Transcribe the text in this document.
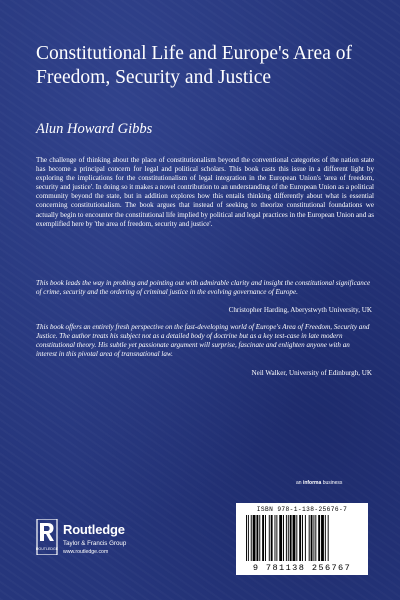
Constitutional Life and Europe's Area of Freedom, Security and Justice
Alun Howard Gibbs

The challenge of thinking about the place of constitutionalism beyond the conventional categories of the nation state has become a principal concern for legal and political scholars. This book casts this issue in a different light by exploring the implications for the constitutionalism of legal integration in the European Union's 'area of freedom, security and justice'. In doing so it makes a novel contribution to an understanding of the European Union as a political community beyond the state, but in addition explores how this entails thinking differently about what is essential concerning constitutionalism. The book argues that instead of seeking to theorize constitutional foundations we actually begin to encounter the constitutional life implied by political and legal practices in the European Union and as exemplified here by 'the area of freedom, security and justice'.

This book leads the way in probing and pointing out with admirable clarity and insight the constitutional significance of crime, security and the ordering of criminal justice in the evolving governance of Europe.

Christopher Harding, Aberystwyth University, UK

This book offers an entirely fresh perspective on the fast-developing world of Europe's Area of Freedom, Security and Justice. The author treats his subject not as a detailed body of doctrine but as a key test-case in late modern constitutional theory. His subtle yet passionate argument will surprise, fascinate and enlighten anyone with an interest in this pivotal area of transnational law.

Neil Walker, University of Edinburgh, UK
an informa business
ROUTLEDGE
Routledge
Taylor & Francis Group
www.routledge.com
ISBN 978-1-138-25676-7
9 781138 256767
